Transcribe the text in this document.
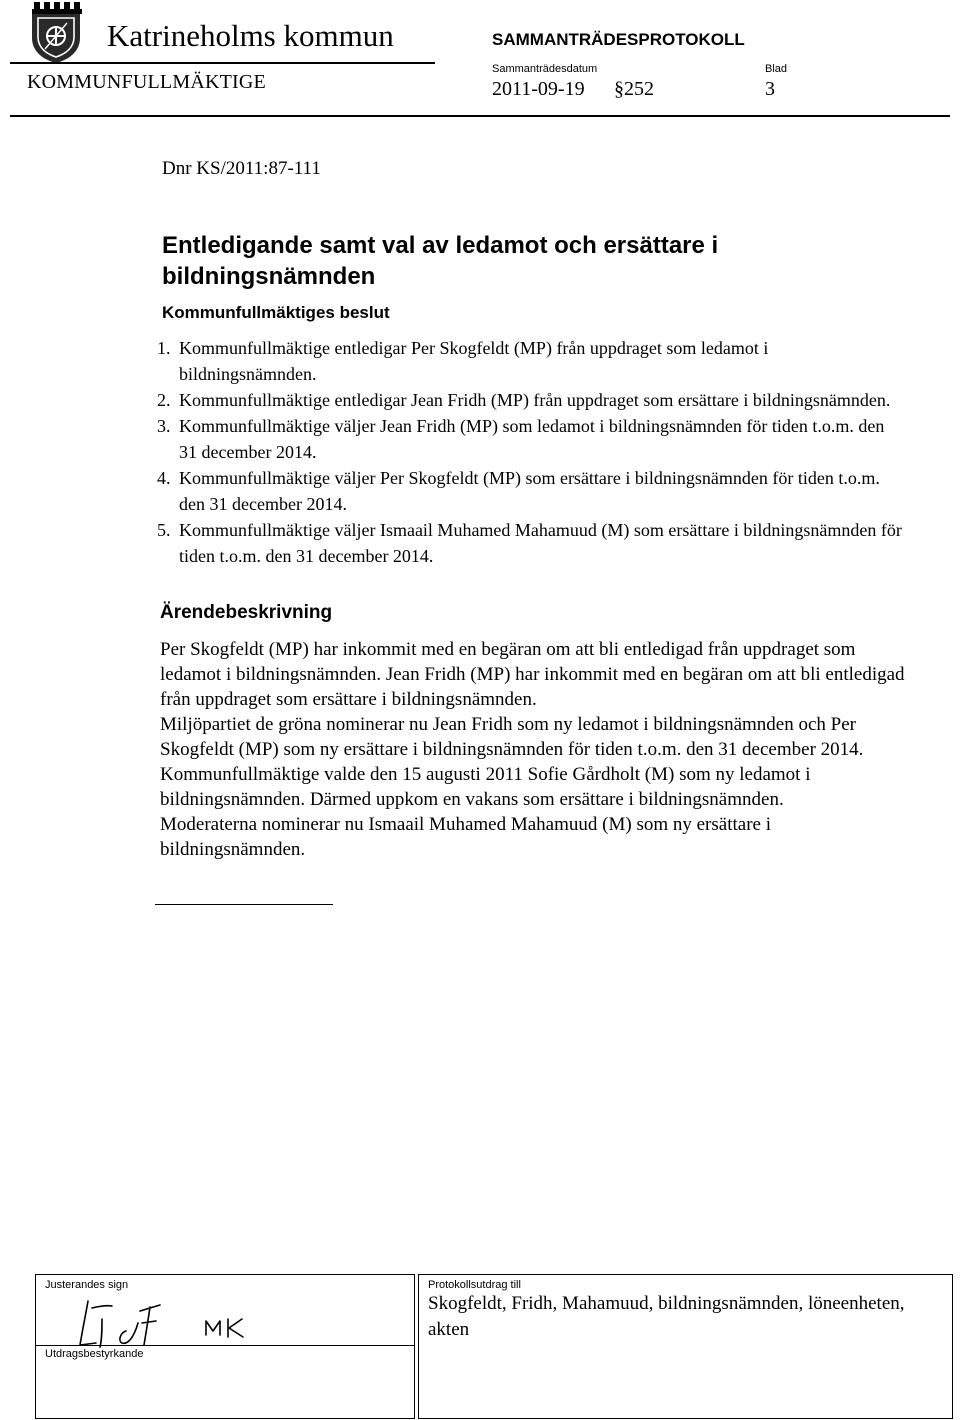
Katrineholms kommun	SAMMANTRÄDESPROTOKOLL
KOMMUNFULLMÄKTIGE
Sammanträdesdatum	Blad
2011-09-19 §252	3
Dnr KS/2011:87-111
Entledigande samt val av ledamot och ersättare i bildningsnämnden
Kommunfullmäktiges beslut
1. Kommunfullmäktige entledigar Per Skogfeldt (MP) från uppdraget som ledamot i bildningsnämnden.
2. Kommunfullmäktige entledigar Jean Fridh (MP) från uppdraget som ersättare i bildningsnämnden.
3. Kommunfullmäktige väljer Jean Fridh (MP) som ledamot i bildningsnämnden för tiden t.o.m. den 31 december 2014.
4. Kommunfullmäktige väljer Per Skogfeldt (MP) som ersättare i bildningsnämnden för tiden t.o.m. den 31 december 2014.
5. Kommunfullmäktige väljer Ismaail Muhamed Mahamuud (M) som ersättare i bildningsnämnden för tiden t.o.m. den 31 december 2014.
Ärendebeskrivning

Per Skogfeldt (MP) har inkommit med en begäran om att bli entledigad från uppdraget som ledamot i bildningsnämnden. Jean Fridh (MP) har inkommit med en begäran om att bli entledigad från uppdraget som ersättare i bildningsnämnden.

Miljöpartiet de gröna nominerar nu Jean Fridh som ny ledamot i bildningsnämnden och Per Skogfeldt (MP) som ny ersättare i bildningsnämnden för tiden t.o.m. den 31 december 2014.

Kommunfullmäktige valde den 15 augusti 2011 Sofie Gårdholt (M) som ny ledamot i bildningsnämnden. Därmed uppkom en vakans som ersättare i bildningsnämnden.

Moderaterna nominerar nu Ismaail Muhamed Mahamuud (M) som ny ersättare i bildningsnämnden.

Justerandes sign
Utdragsbestyrkande
Protokollsutdrag till

Skogfeldt, Fridh, Mahamuud, bildningsnämnden, löneenheten, akten
